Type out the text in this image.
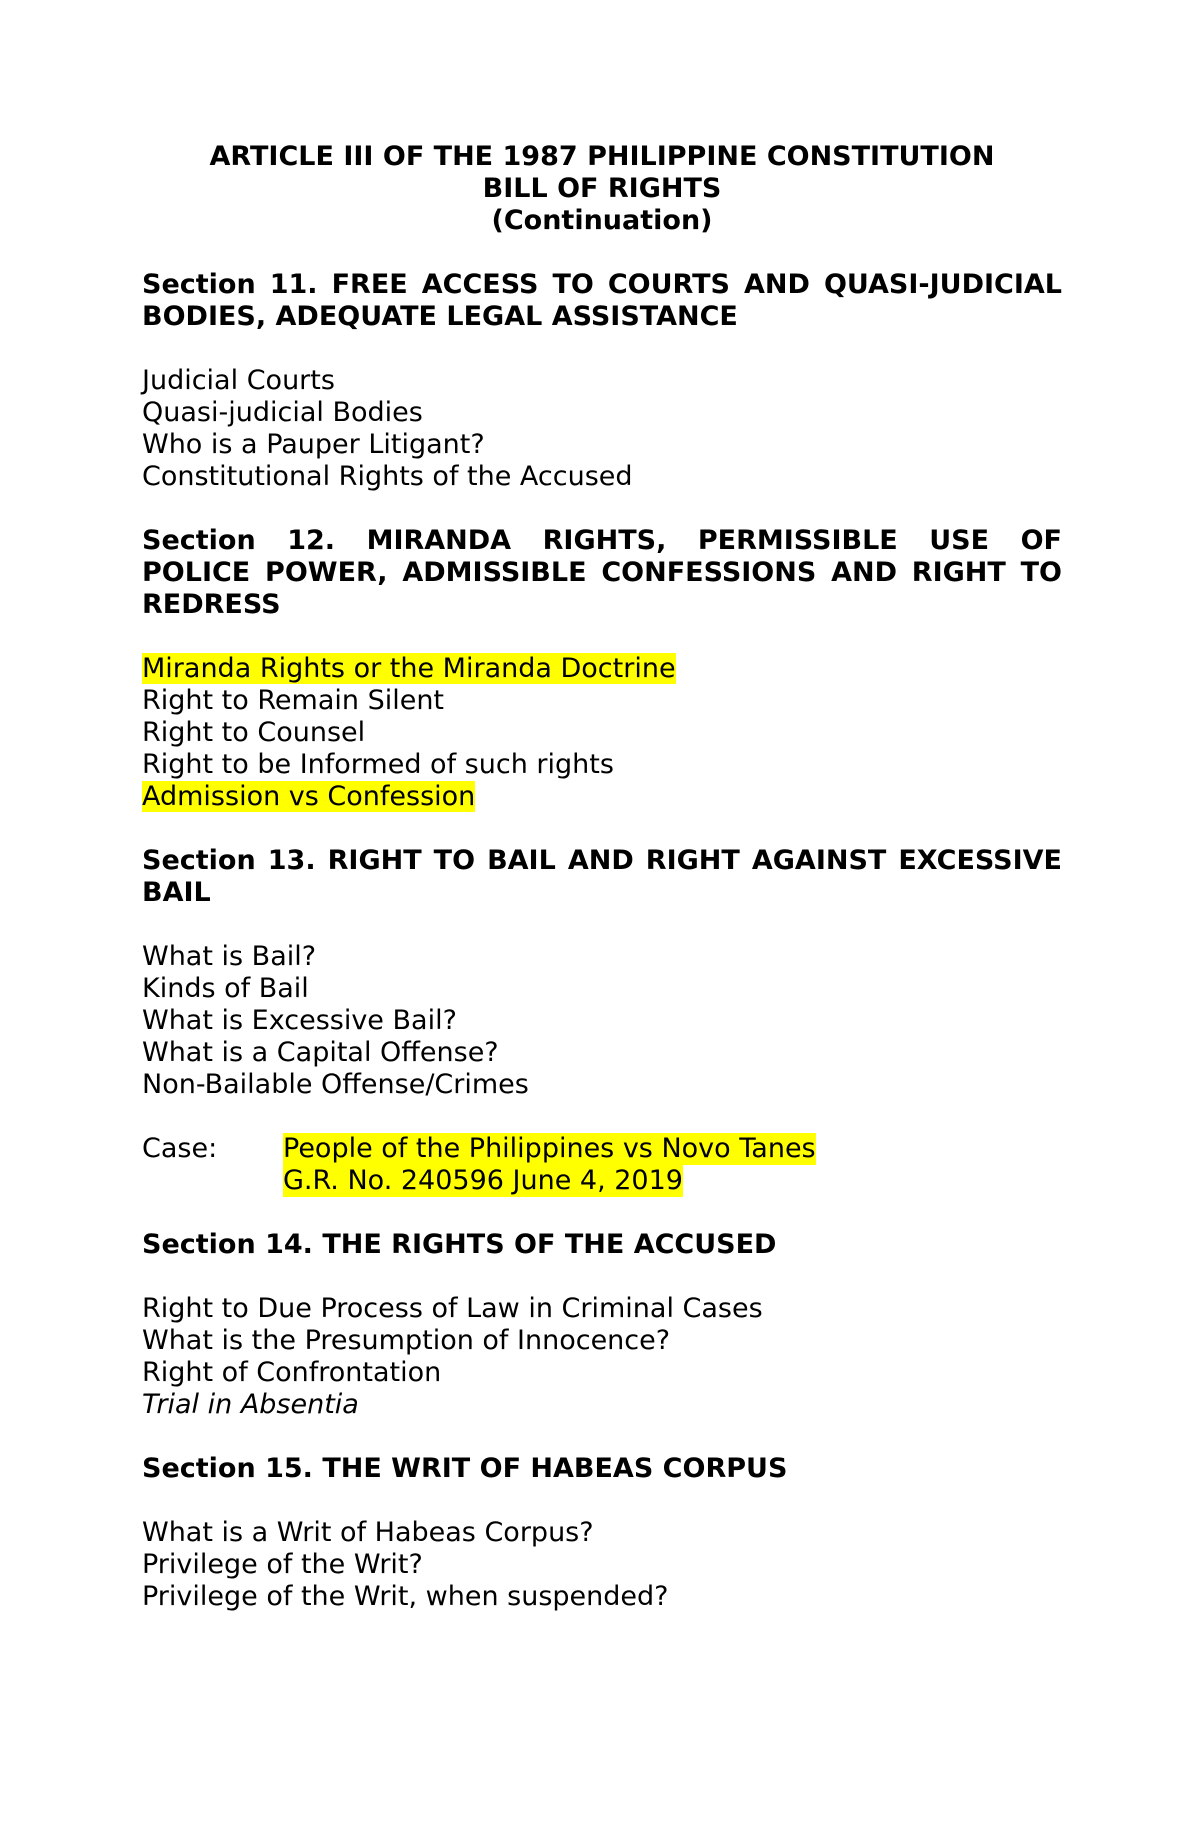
ARTICLE III OF THE 1987 PHILIPPINE CONSTITUTION
BILL OF RIGHTS
(Continuation)
Section 11. FREE ACCESS TO COURTS AND QUASI-JUDICIAL
BODIES, ADEQUATE LEGAL ASSISTANCE
Judicial Courts
Quasi-judicial Bodies
Who is a Pauper Litigant?
Constitutional Rights of the Accused
Section 12. MIRANDA RIGHTS, PERMISSIBLE USE OF
POLICE POWER, ADMISSIBLE CONFESSIONS AND RIGHT TO
REDRESS
Miranda Rights or the Miranda Doctrine
Right to Remain Silent
Right to Counsel
Right to be Informed of such rights
Admission vs Confession
Section 13. RIGHT TO BAIL AND RIGHT AGAINST EXCESSIVE
BAIL
What is Bail?
Kinds of Bail
What is Excessive Bail?
What is a Capital Offense?
Non-Bailable Offense/Crimes
Case: People of the Philippines vs Novo Tanes
G.R. No. 240596 June 4, 2019
Section 14. THE RIGHTS OF THE ACCUSED
Right to Due Process of Law in Criminal Cases
What is the Presumption of Innocence?
Right of Confrontation
Trial in Absentia
Section 15. THE WRIT OF HABEAS CORPUS
What is a Writ of Habeas Corpus?
Privilege of the Writ?
Privilege of the Writ, when suspended?
